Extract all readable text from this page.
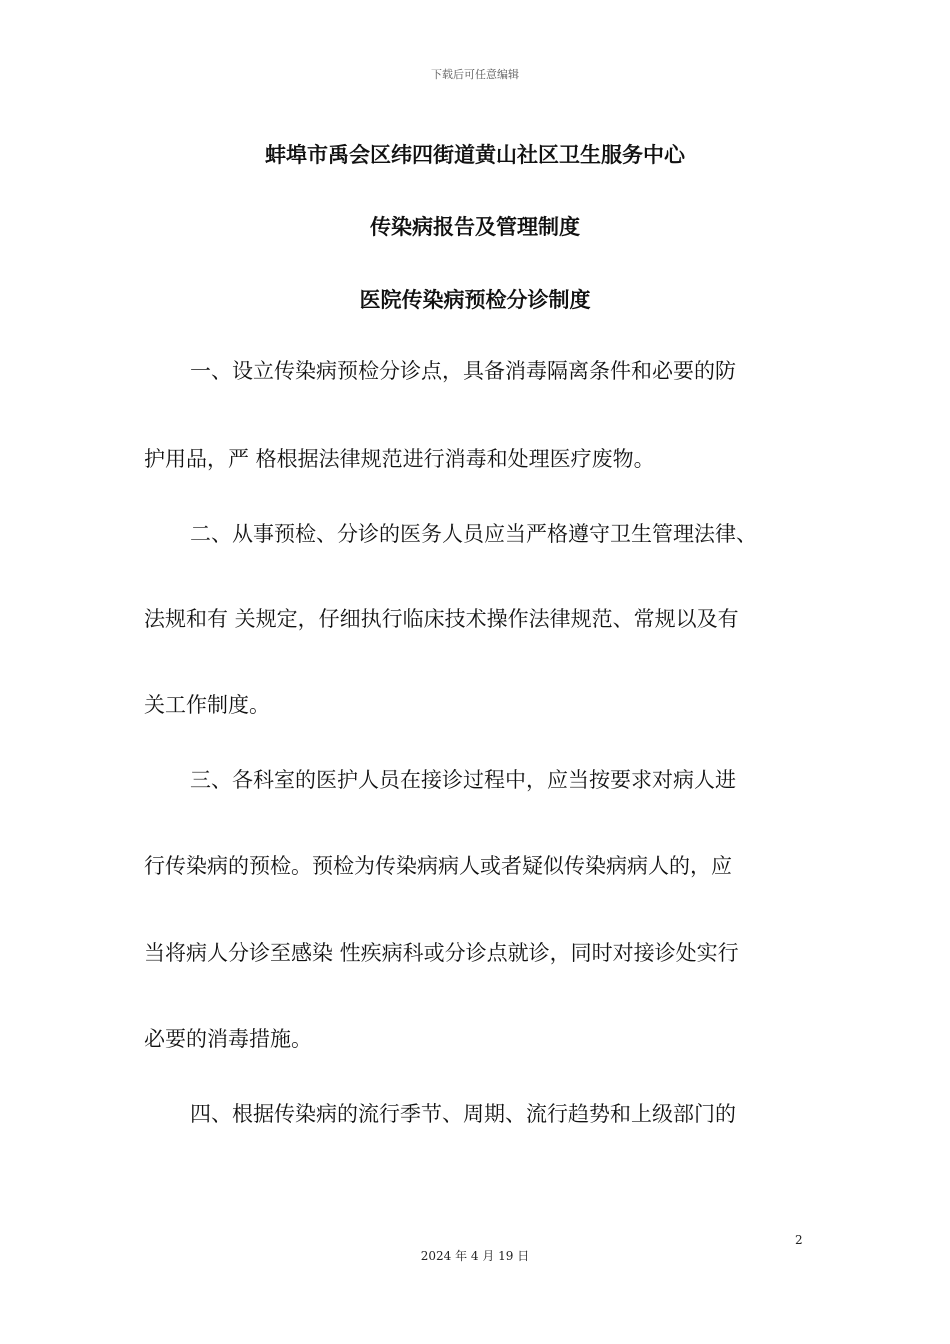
下载后可任意编辑
蚌埠市禹会区纬四街道黄山社区卫生服务中心
传染病报告及管理制度
医院传染病预检分诊制度
一、设立传染病预检分诊点，具备消毒隔离条件和必要的防
护用品，严 格根据法律规范进行消毒和处理医疗废物。
二、从事预检、分诊的医务人员应当严格遵守卫生管理法律、
法规和有 关规定，仔细执行临床技术操作法律规范、常规以及有
关工作制度。
三、各科室的医护人员在接诊过程中，应当按要求对病人进
行传染病的预检。预检为传染病病人或者疑似传染病病人的，应
当将病人分诊至感染 性疾病科或分诊点就诊，同时对接诊处实行
必要的消毒措施。
四、根据传染病的流行季节、周期、流行趋势和上级部门的
2
2024 年 4 月 19 日
